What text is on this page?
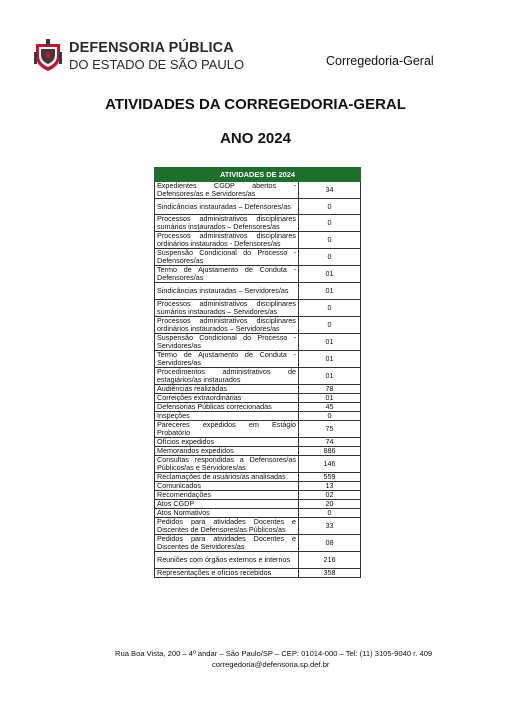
DEFENSORIA PÚBLICA
DO ESTADO DE SÃO PAULO	Corregedoria-Geral
ATIVIDADES DA CORREGEDORIA-GERAL
ANO 2024
ATIVIDADES DE 2024	
Expedientes CGDP abertos - Defensores/as e Servidores/as	34
Sindicâncias instauradas – Defensores/as	0
Processos administrativos disciplinares sumários instaurados – Defensores/as	0
Processos administrativos disciplinares ordinários instaurados - Defensores/as	0
Suspensão Condicional do Processo - Defensores/as	0
Termo de Ajustamento de Conduta - Defensores/as	01
Sindicâncias instauradas – Servidores/as	01
Processos administrativos disciplinares sumários instaurados – Servidores/as	0
Processos administrativos disciplinares ordinários instaurados – Servidores/as	0
Suspensão Condicional do Processo - Servidores/as	01
Termo de Ajustamento de Conduta - Servidores/as	01
Procedimentos administrativos de estagiários/as instaurados	01
Audiências realizadas	78
Correições extraordinárias	01
Defensorias Públicas correcionadas	45
Inspeções	0
Pareceres expedidos em Estágio Probatório	75
Ofícios expedidos	74
Memorandos expedidos	886
Consultas respondidas a Defensores/as Públicos/as e Servidores/as	146
Reclamações de usuários/as analisadas	559
Comunicados	13
Recomendações	02
Atos CGDP	20
Atos Normativos	0
Pedidos para atividades Docentes e Discentes de Defensores/as Públicos/as	33
Pedidos para atividades Docentes e Discentes de Servidores/as	08
Reuniões com órgãos externos e internos	216
Representações e ofícios recebidos	358
Rua Boa Vista, 200 – 4º andar – São Paulo/SP – CEP: 01014-000 – Tel: (11) 3105-9040 r. 409
corregedoria@defensoria.sp.def.br
